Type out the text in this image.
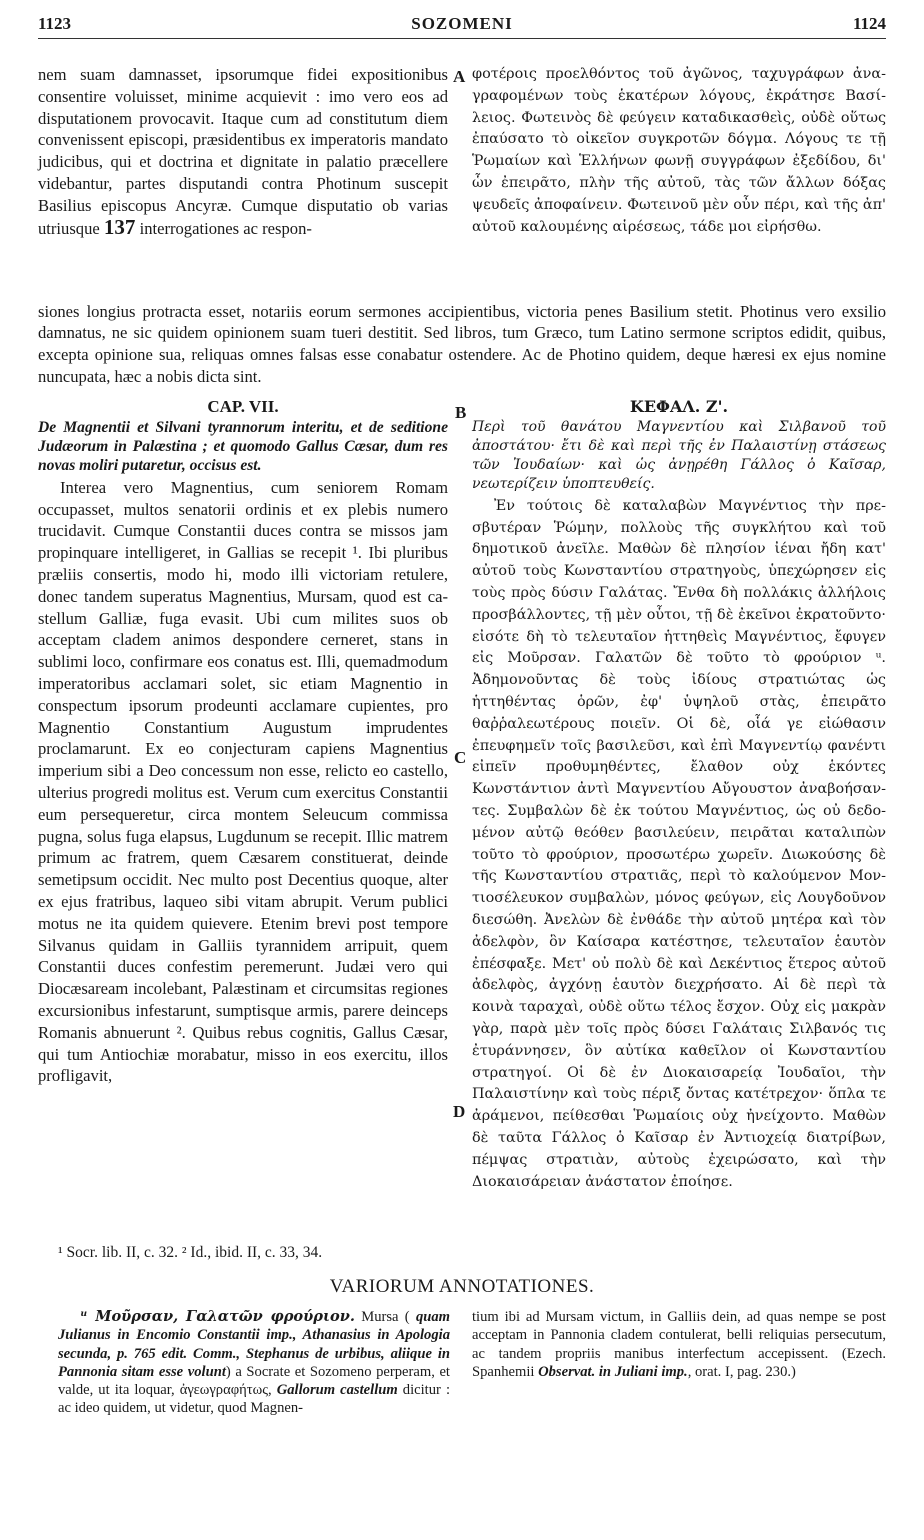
1123	SOZOMENI	1124
A
B
C
D

nem suam damnasset, ipsorumque fidei expositionibus consentire voluisset, minime acquievit : imo vero eos ad disputationem provocavit. Itaque cum ad constitutum diem convenissent episcopi, præsidentibus ex imperatoris mandato judicibus, qui et doctrina et dignitate in palatio præcellere videbantur, partes disputandi contra Photinum suscepit Basilius episcopus Ancyræ. Cumque disputatio ob varias utriusque 137 interrogationes ac respon-

φοτέροις προελθόντος τοῦ ἀγῶνος, ταχυγράφων ἀναγραφομένων τοὺς ἑκατέρων λόγους, ἐκράτησε Βασίλειος. Φωτεινὸς δὲ φεύγειν καταδικασθεὶς, οὐδὲ οὕτως ἐπαύσατο τὸ οἰκεῖον συγκροτῶν δόγμα. Λόγους τε τῇ Ῥωμαίων καὶ Ἑλλήνων φωνῇ συγγράφων ἐξεδίδου, δι' ὧν ἐπειρᾶτο, πλὴν τῆς αὐτοῦ, τὰς τῶν ἄλλων δόξας ψευδεῖς ἀποφαίνειν. Φωτεινοῦ μὲν οὖν πέρι, καὶ τῆς ἀπ' αὐτοῦ καλουμένης αἱρέσεως, τάδε μοι εἰρήσθω.

siones longius protracta esset, notariis eorum sermones accipientibus, victoria penes Basilium stetit. Photinus vero exsilio damnatus, ne sic quidem opinionem suam tueri destitit. Sed libros, tum Græco, tum Latino sermone scriptos edidit, quibus, excepta opinione sua, reliquas omnes falsas esse conabatur ostendere. Ac de Photino quidem, deque hæresi ex ejus nomine nuncupata, hæc a nobis dicta sint.

CAP. VII.
De Magnentii et Silvani tyrannorum interitu, et de seditione Judæorum in Palæstina ; et quomodo Gallus Cæsar, dum res novas moliri putaretur, occisus est.

Interea vero Magnentius, cum seniorem Romam occupasset, multos senatorii ordinis et ex plebis numero trucidavit. Cumque Constantii duces contra se missos jam propinquare intelligeret, in Gallias se recepit ¹. Ibi pluribus præliis consertis, modo hi, modo illi victoriam retulere, donec tandem superatus Magnentius, Mursam, quod est castellum Galliæ, fuga evasit. Ubi cum milites suos ob acceptam cladem animos despondere cerneret, stans in sublimi loco, confirmare eos conatus est. Illi, quemadmodum imperatoribus acclamari solet, sic etiam Magnentio in conspectum ipsorum prodeunti acclamare cupientes, pro Magnentio Constantium Augustum imprudentes proclamarunt. Ex eo conjecturam capiens Magnentius imperium sibi a Deo concessum non esse, relicto eo castello, ulterius progredi molitus est. Verum cum exercitus Constantii eum persequeretur, circa montem Seleucum commissa pugna, solus fuga elapsus, Lugdunum se recepit. Illic matrem primum ac fratrem, quem Cæsarem constituerat, deinde semetipsum occidit. Nec multo post Decentius quoque, alter ex ejus fratribus, laqueo sibi vitam abrupit. Verum publici motus ne ita quidem quievere. Etenim brevi post tempore Silvanus quidam in Galliis tyrannidem arripuit, quem Constantii duces confestim peremerunt. Judæi vero qui Diocæsaream incolebant, Palæstinam et circumsitas regiones excursionibus infestarunt, sumptisque armis, parere deinceps Romanis abnuerunt ². Quibus rebus cognitis, Gallus Cæsar, qui tum Antiochiæ morabatur, misso in eos exercitu, illos profligavit,

ΚΕΦΑΛ. Ζ'.
Περὶ τοῦ θανάτου Μαγνεντίου καὶ Σιλβανοῦ τοῦ ἀποστάτου· ἔτι δὲ καὶ περὶ τῆς ἐν Παλαιστίνῃ στάσεως τῶν Ἰουδαίων· καὶ ὡς ἀνῃρέθη Γάλλος ὁ Καῖσαρ, νεωτερίζειν ὑποπτευθείς.

Ἐν τούτοις δὲ καταλαβὼν Μαγνέντιος τὴν πρεσβυτέραν Ῥώμην, πολλοὺς τῆς συγκλήτου καὶ τοῦ δημοτικοῦ ἀνεῖλε. Μαθὼν δὲ πλησίον ἰέναι ἤδη κατ' αὐτοῦ τοὺς Κωνσταντίου στρατηγοὺς, ὑπεχώρησεν εἰς τοὺς πρὸς δύσιν Γαλάτας. Ἔνθα δὴ πολλάκις ἀλλήλοις προσβάλλοντες, τῇ μὲν οὗτοι, τῇ δὲ ἐκεῖνοι ἐκρατοῦντο· εἰσότε δὴ τὸ τελευταῖον ἡττηθεὶς Μαγνέντιος, ἔφυγεν εἰς Μοῦρσαν. Γαλατῶν δὲ τοῦτο τὸ φρούριον ᵘ. Ἀδημονοῦντας δὲ τοὺς ἰδίους στρατιώτας ὡς ἡττηθέντας ὁρῶν, ἐφ' ὑψηλοῦ στὰς, ἐπειρᾶτο θαῤῥαλεωτέρους ποιεῖν. Οἱ δὲ, οἷά γε εἰώθασιν ἐπευφημεῖν τοῖς βασιλεῦσι, καὶ ἐπὶ Μαγνεντίῳ φανέντι εἰπεῖν προθυμηθέντες, ἔλαθον οὐχ ἑκόντες Κωνστάντιον ἀντὶ Μαγνεντίου Αὔγουστον ἀναβοήσαντες. Συμβαλὼν δὲ ἐκ τούτου Μαγνέντιος, ὡς οὐ δεδομένον αὐτῷ θεόθεν βασιλεύειν, πειρᾶται καταλιπὼν τοῦτο τὸ φρούριον, προσωτέρω χωρεῖν. Διωκούσης δὲ τῆς Κωνσταντίου στρατιᾶς, περὶ τὸ καλούμενον Μοντιοσέλευκον συμβαλὼν, μόνος φεύγων, εἰς Λουγδοῦνον διεσώθη. Ἀνελὼν δὲ ἐνθάδε τὴν αὐτοῦ μητέρα καὶ τὸν ἀδελφὸν, ὃν Καίσαρα κατέστησε, τελευταῖον ἑαυτὸν ἐπέσφαξε. Μετ' οὐ πολὺ δὲ καὶ Δεκέντιος ἕτερος αὐτοῦ ἀδελφὸς, ἀγχόνῃ ἑαυτὸν διεχρήσατο. Αἱ δὲ περὶ τὰ κοινὰ ταραχαὶ, οὐδὲ οὕτω τέλος ἔσχον. Οὐχ εἰς μακρὰν γὰρ, παρὰ μὲν τοῖς πρὸς δύσει Γαλάταις Σιλβανός τις ἐτυράννησεν, ὃν αὐτίκα καθεῖλον οἱ Κωνσταντίου στρατηγοί. Οἱ δὲ ἐν Διοκαισαρείᾳ Ἰουδαῖοι, τὴν Παλαιστίνην καὶ τοὺς πέριξ ὄντας κατέτρεχον· ὅπλα τε ἀράμενοι, πείθεσθαι Ῥωμαίοις οὐχ ἠνείχοντο. Μαθὼν δὲ ταῦτα Γάλλος ὁ Καῖσαρ ἐν Ἀντιοχείᾳ διατρίβων, πέμψας στρατιὰν, αὐτοὺς ἐχειρώσατο, καὶ τὴν Διοκαισάρειαν ἀνάστατον ἐποίησε.

¹ Socr. lib. II, c. 32. ² Id., ibid. II, c. 33, 34.
VARIORUM ANNOTATIONES.

ᵘ Μοῦρσαν, Γαλατῶν φρούριον. Mursa ( quam Julianus in Encomio Constantii imp., Athanasius in Apologia secunda, p. 765 edit. Comm., Stephanus de urbibus, aliique in Pannonia sitam esse volunt) a Socrate et Sozomeno perperam, et valde, ut ita loquar, ἀγεωγραφήτως, Gallorum castellum dicitur : ac ideo quidem, ut videtur, quod Magnen-

tium ibi ad Mursam victum, in Galliis dein, ad quas nempe se post acceptam in Pannonia cladem contulerat, belli reliquias persecutum, ac tandem propriis manibus interfectum accepissent. (Ezech. Spanhemii Observat. in Juliani imp., orat. I, pag. 230.)
